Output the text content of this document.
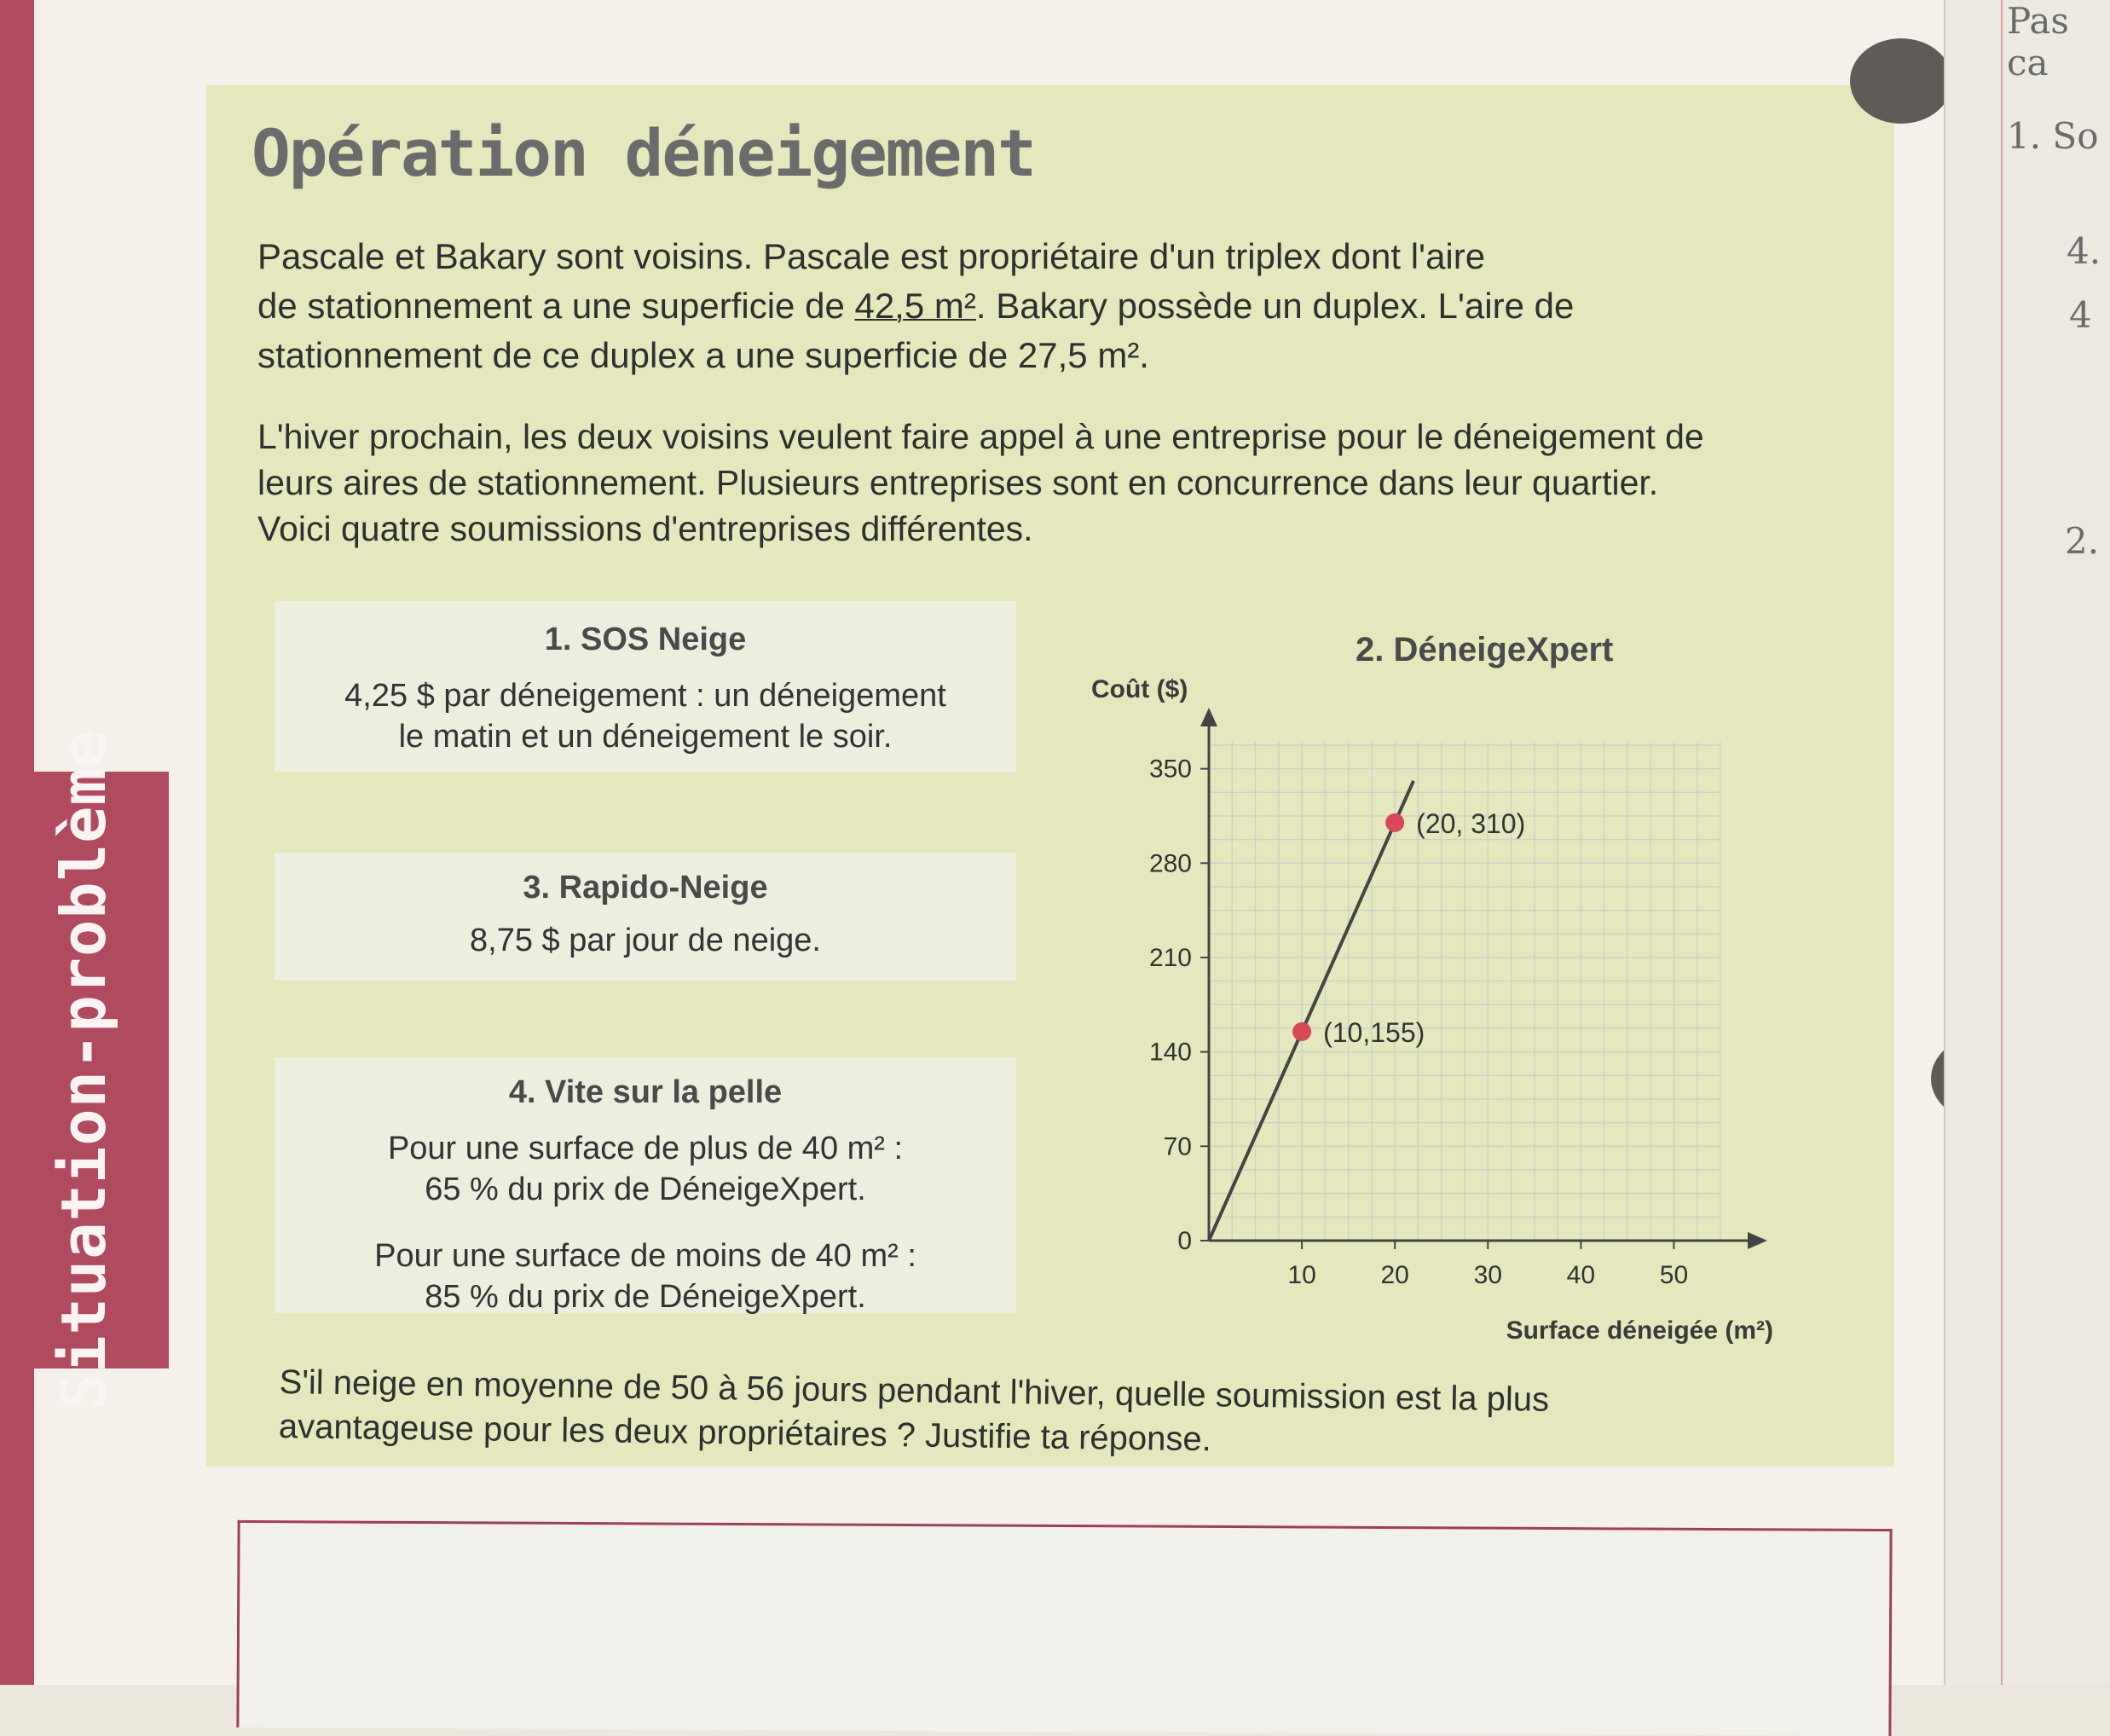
Situation-problème
Opération déneigement

Pascale et Bakary sont voisins. Pascale est propriétaire d'un triplex dont l'aire

de stationnement a une superficie de 42,5 m². Bakary possède un duplex. L'aire de

stationnement de ce duplex a une superficie de 27,5 m².

L'hiver prochain, les deux voisins veulent faire appel à une entreprise pour le déneigement de

leurs aires de stationnement. Plusieurs entreprises sont en concurrence dans leur quartier.

Voici quatre soumissions d'entreprises différentes.

1. SOS Neige
4,25 $ par déneigement : un déneigement
le matin et un déneigement le soir.
3. Rapido-Neige
8,75 $ par jour de neige.
4. Vite sur la pelle
Pour une surface de plus de 40 m² :
65 % du prix de DéneigeXpert.
Pour une surface de moins de 40 m² :
85 % du prix de DéneigeXpert.
2. DéneigeXpert
0
70
140
210
280
350
10	20	30	40	50
(10,155)
(20, 310)
Coût ($)
Surface déneigée (m²)
S'il neige en moyenne de 50 à 56 jours pendant l'hiver, quelle soumission est la plus
avantageuse pour les deux propriétaires ? Justifie ta réponse.
Pas ca
1. So
4.
4
2.
